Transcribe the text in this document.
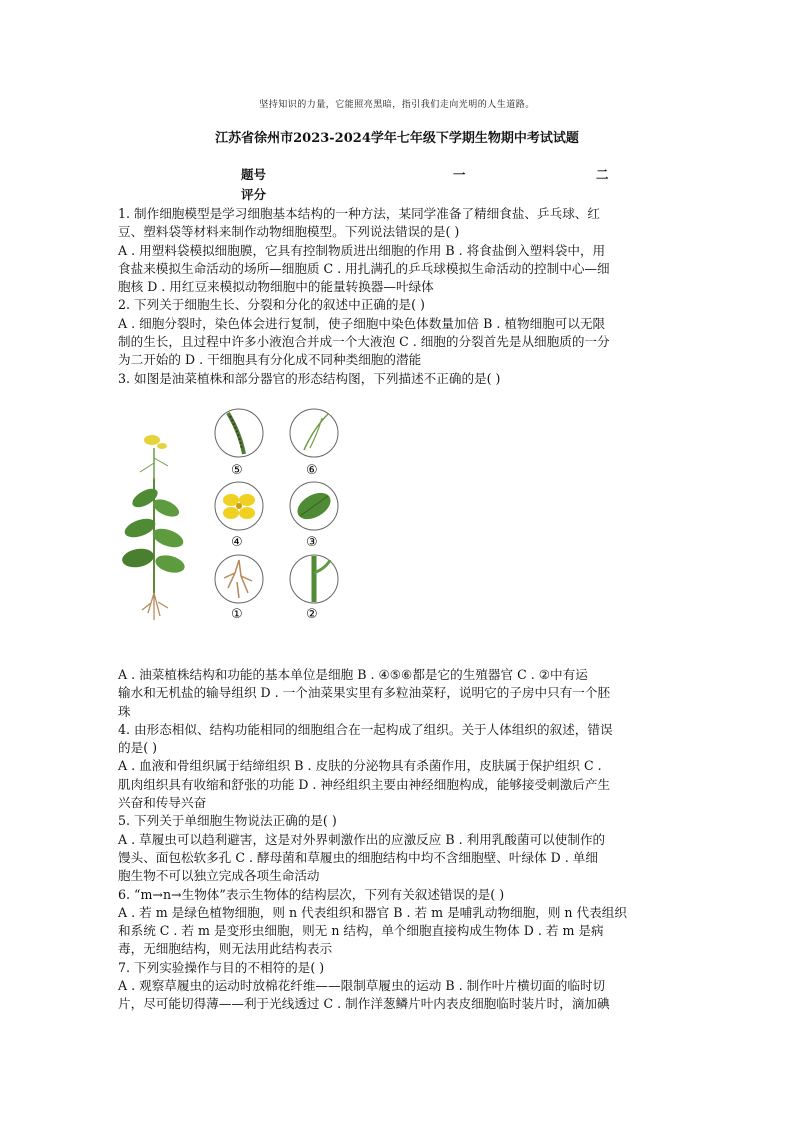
坚持知识的力量，它能照亮黑暗，指引我们走向光明的人生道路。
江苏省徐州市2023-2024学年七年级下学期生物期中考试试题
题号	一	二
评分

1. 制作细胞模型是学习细胞基本结构的一种方法，某同学准备了精细食盐、乒乓球、红

豆、塑料袋等材料来制作动物细胞模型。下列说法错误的是( )

A . 用塑料袋模拟细胞膜，它具有控制物质进出细胞的作用 B . 将食盐倒入塑料袋中，用

食盐来模拟生命活动的场所—细胞质 C . 用扎满孔的乒乓球模拟生命活动的控制中心—细

胞核 D . 用红豆来模拟动物细胞中的能量转换器—叶绿体

2. 下列关于细胞生长、分裂和分化的叙述中正确的是( )

A . 细胞分裂时，染色体会进行复制，使子细胞中染色体数量加倍 B . 植物细胞可以无限

制的生长，且过程中许多小液泡合并成一个大液泡 C . 细胞的分裂首先是从细胞质的一分

为二开始的 D . 干细胞具有分化成不同种类细胞的潜能

3. 如图是油菜植株和部分器官的形态结构图，下列描述不正确的是( )

⑤	⑥
④	③
①	②

A . 油菜植株结构和功能的基本单位是细胞 B . ④⑤⑥都是它的生殖器官 C . ②中有运

输水和无机盐的输导组织 D . 一个油菜果实里有多粒油菜籽，说明它的子房中只有一个胚

珠

4. 由形态相似、结构功能相同的细胞组合在一起构成了组织。关于人体组织的叙述，错误

的是( )

A . 血液和骨组织属于结缔组织 B . 皮肤的分泌物具有杀菌作用，皮肤属于保护组织 C .

肌肉组织具有收缩和舒张的功能 D . 神经组织主要由神经细胞构成，能够接受刺激后产生

兴奋和传导兴奋

5. 下列关于单细胞生物说法正确的是( )

A . 草履虫可以趋利避害，这是对外界刺激作出的应激反应 B . 利用乳酸菌可以使制作的

馒头、面包松软多孔 C . 酵母菌和草履虫的细胞结构中均不含细胞壁、叶绿体 D . 单细

胞生物不可以独立完成各项生命活动

6. “m→n→生物体”表示生物体的结构层次，下列有关叙述错误的是( )

A . 若 m 是绿色植物细胞，则 n 代表组织和器官 B . 若 m 是哺乳动物细胞，则 n 代表组织

和系统 C . 若 m 是变形虫细胞，则无 n 结构，单个细胞直接构成生物体 D . 若 m 是病

毒，无细胞结构，则无法用此结构表示

7. 下列实验操作与目的不相符的是( )

A . 观察草履虫的运动时放棉花纤维——限制草履虫的运动 B . 制作叶片横切面的临时切

片，尽可能切得薄——利于光线透过 C . 制作洋葱鳞片叶内表皮细胞临时装片时，滴加碘
